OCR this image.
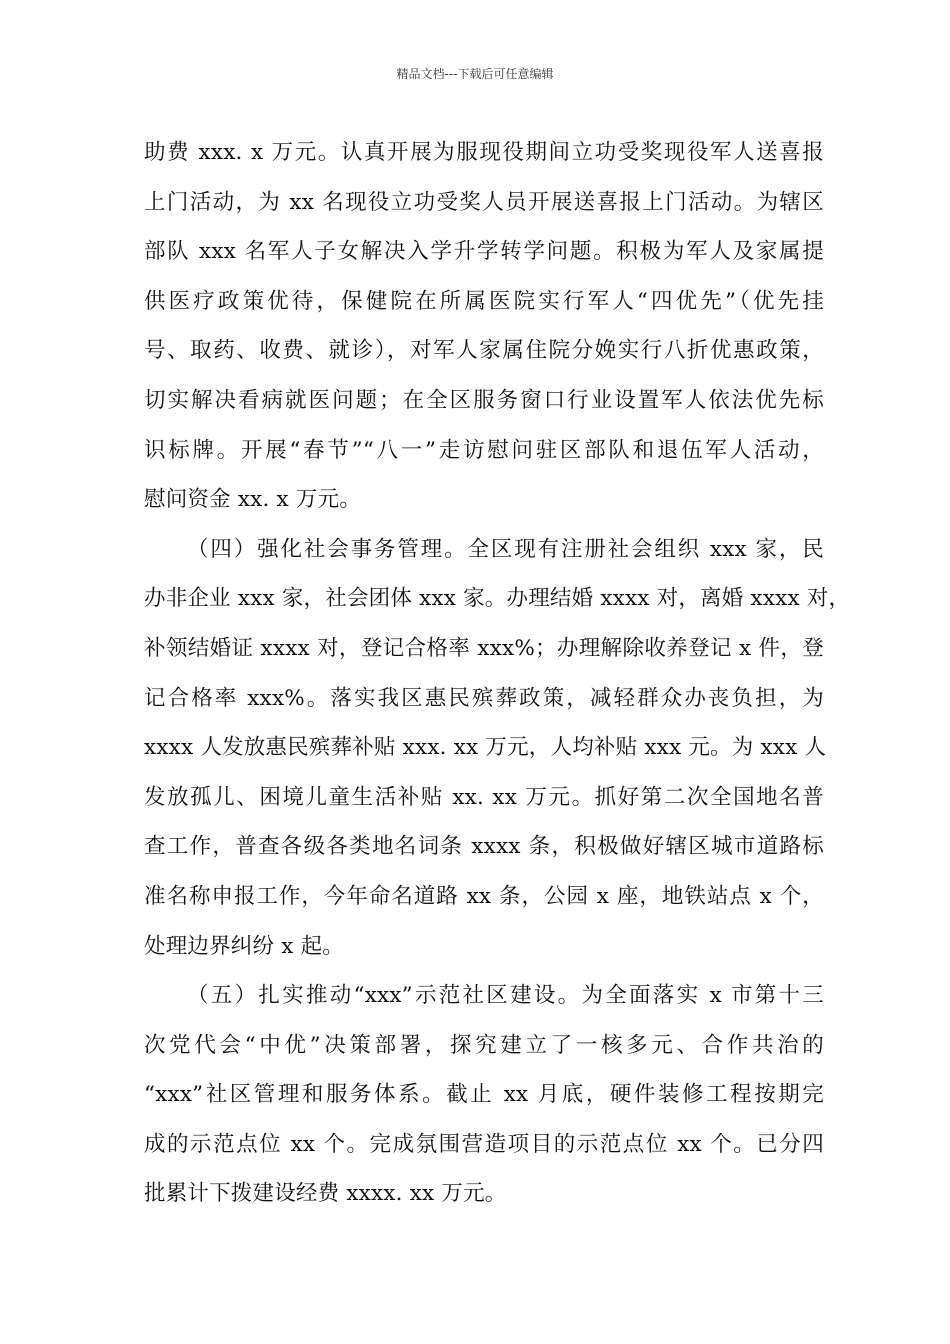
精品文档---下载后可任意编辑
助费 xxx. x 万元。认真开展为服现役期间立功受奖现役军人送喜报
上门活动，为 xx 名现役立功受奖人员开展送喜报上门活动。为辖区
部队 xxx 名军人子女解决入学升学转学问题。积极为军人及家属提
供医疗政策优待，保健院在所属医院实行军人“四优先”（优先挂
号、取药、收费、就诊），对军人家属住院分娩实行八折优惠政策，
切实解决看病就医问题；在全区服务窗口行业设置军人依法优先标
识标牌。开展“春节”“八一”走访慰问驻区部队和退伍军人活动，
慰问资金 xx. x 万元。
（四）强化社会事务管理。全区现有注册社会组织 xxx 家，民
办非企业 xxx 家，社会团体 xxx 家。办理结婚 xxxx 对，离婚 xxxx 对，
补领结婚证 xxxx 对，登记合格率 xxx%；办理解除收养登记 x 件，登
记合格率 xxx%。落实我区惠民殡葬政策，减轻群众办丧负担，为
xxxx 人发放惠民殡葬补贴 xxx. xx 万元，人均补贴 xxx 元。为 xxx 人
发放孤儿、困境儿童生活补贴 xx. xx 万元。抓好第二次全国地名普
查工作，普查各级各类地名词条 xxxx 条，积极做好辖区城市道路标
准名称申报工作，今年命名道路 xx 条，公园 x 座，地铁站点 x 个，
处理边界纠纷 x 起。
（五）扎实推动“xxx”示范社区建设。为全面落实 x 市第十三
次党代会“中优”决策部署，探究建立了一核多元、合作共治的
“xxx”社区管理和服务体系。截止 xx 月底，硬件装修工程按期完
成的示范点位 xx 个。完成氛围营造项目的示范点位 xx 个。已分四
批累计下拨建设经费 xxxx. xx 万元。
